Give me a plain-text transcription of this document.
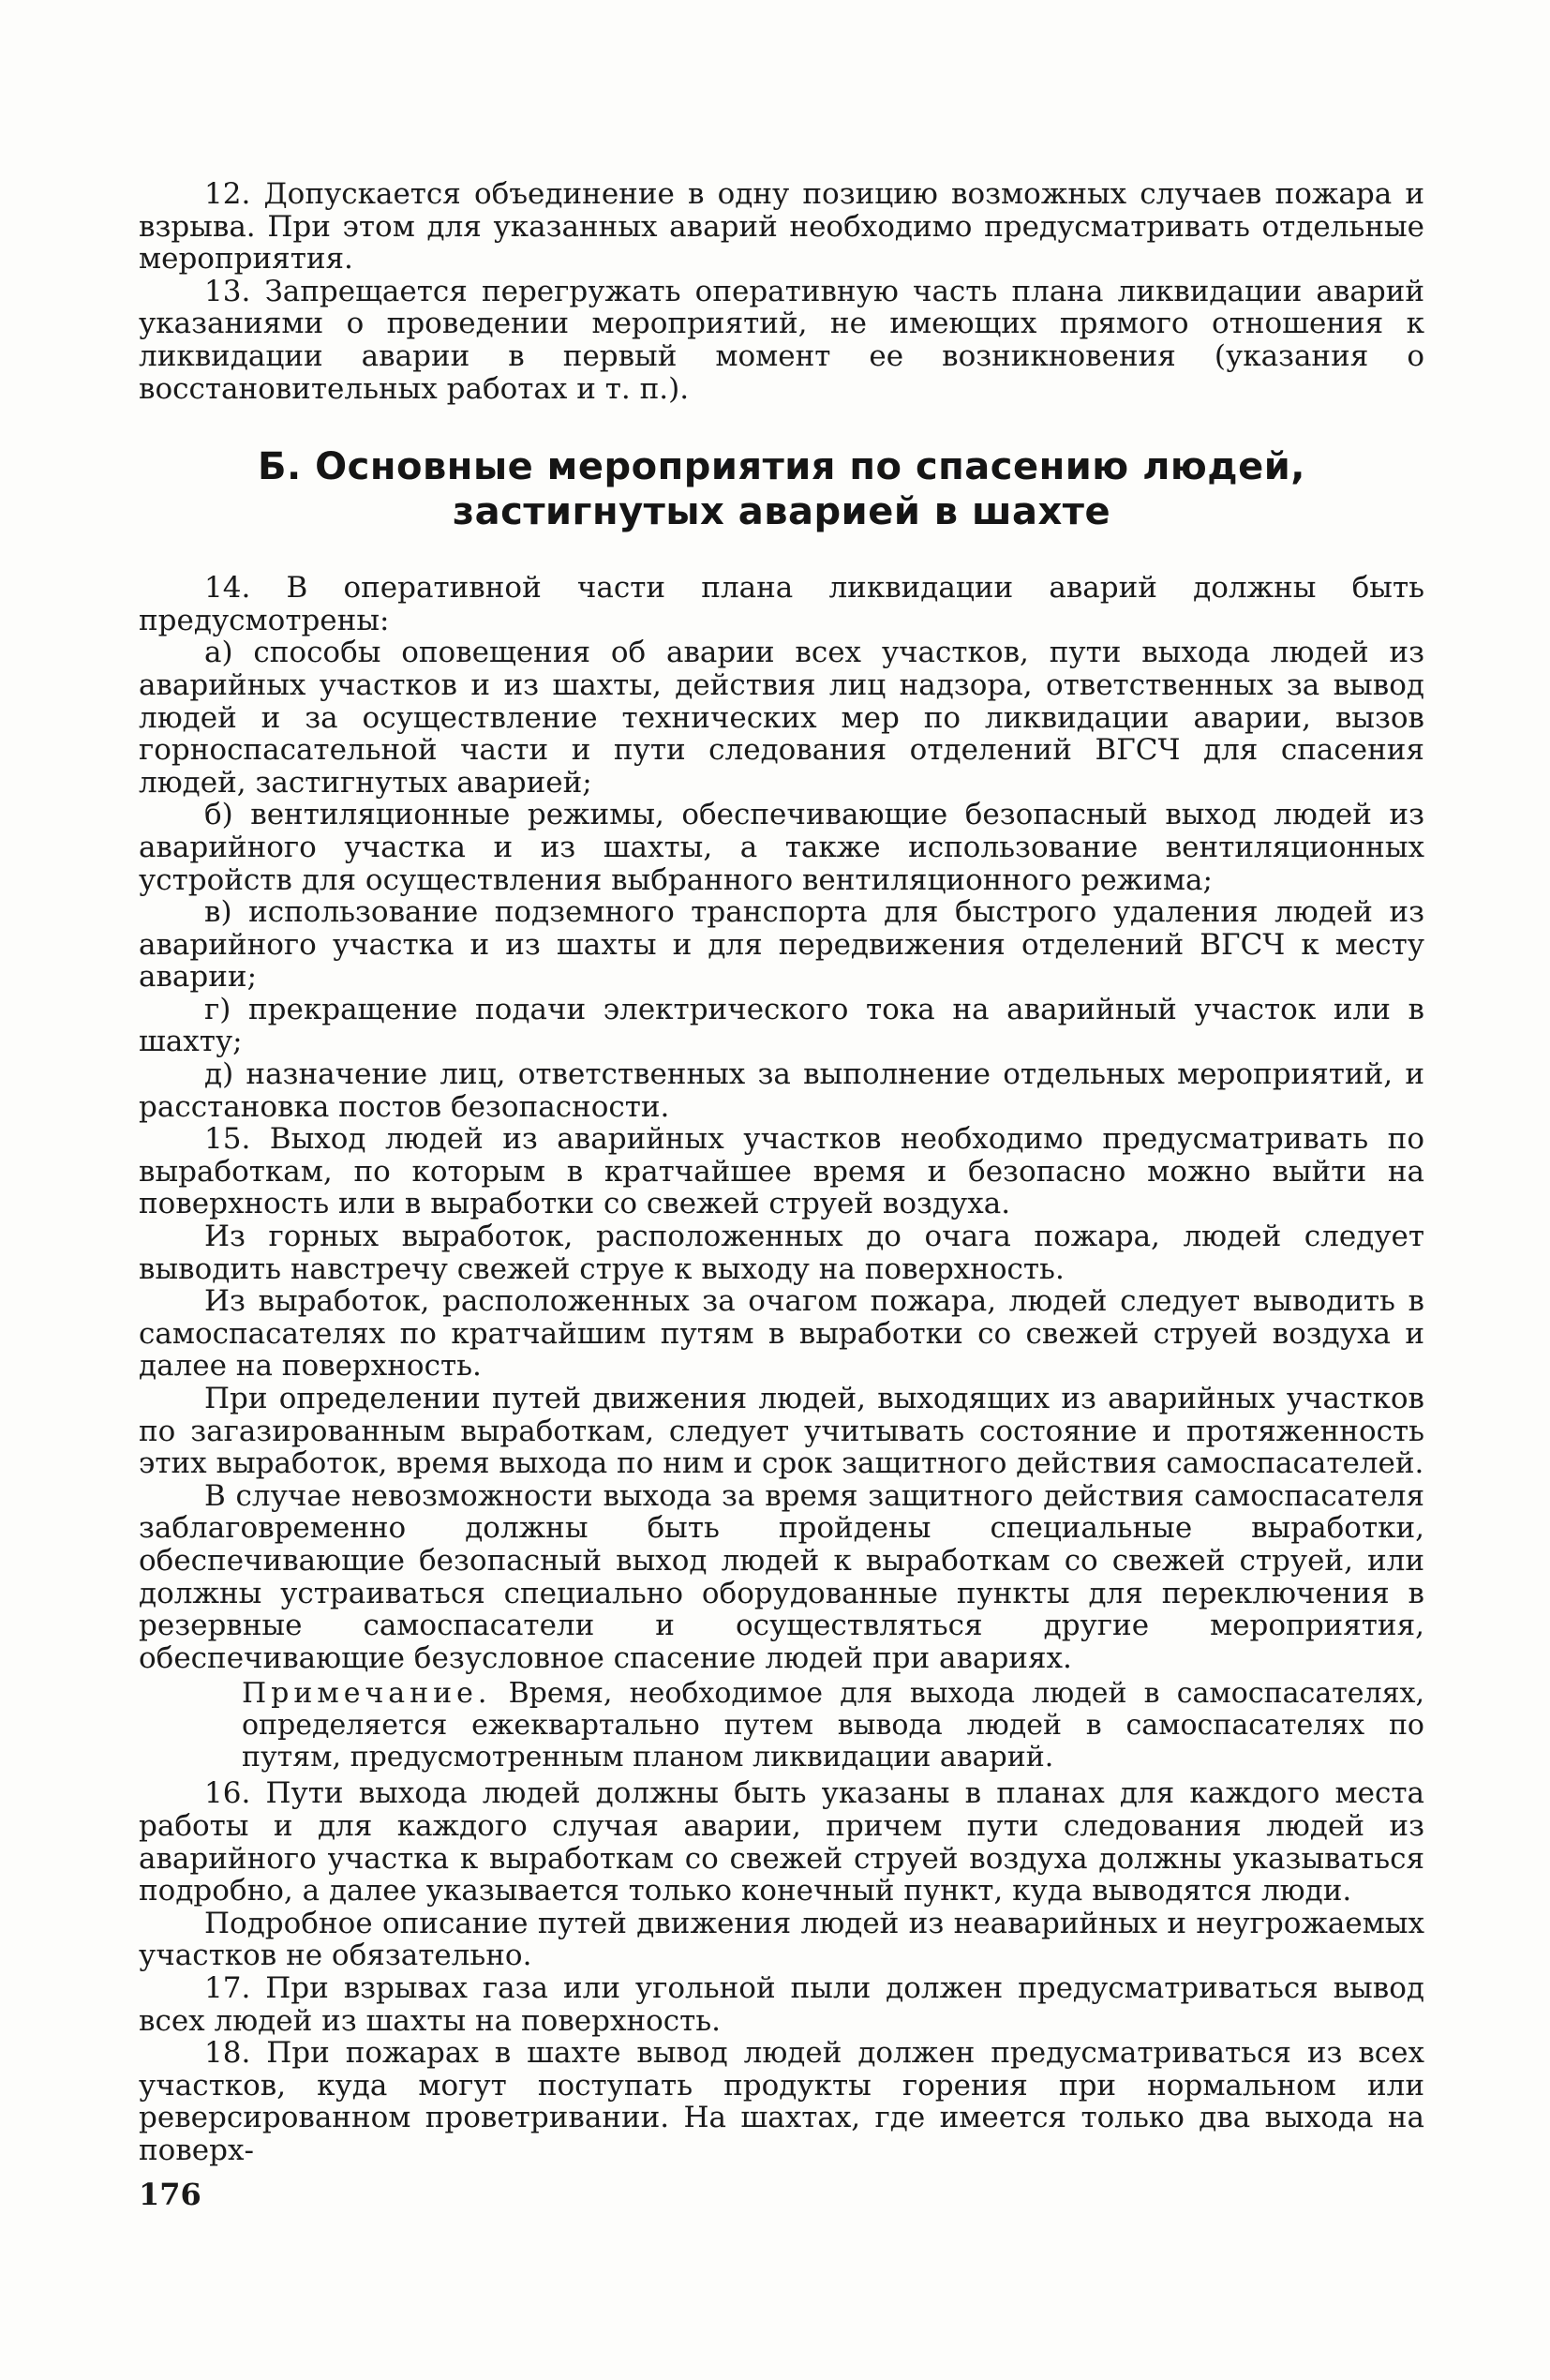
12. Допускается объединение в одну позицию возможных случаев пожара и взрыва. При этом для указанных аварий необходимо предусматривать отдельные мероприятия.

13. Запрещается перегружать оперативную часть плана ликвидации аварий указаниями о проведении мероприятий, не имеющих прямого отношения к ликвидации аварии в первый момент ее возникновения (указания о восстановительных работах и т. п.).

Б. Основные мероприятия по спасению людей,
застигнутых аварией в шахте

14. В оперативной части плана ликвидации аварий должны быть предусмотрены:

а) способы оповещения об аварии всех участков, пути выхода людей из аварийных участков и из шахты, действия лиц надзора, ответственных за вывод людей и за осуществление технических мер по ликвидации аварии, вызов горноспасательной части и пути следования отделений ВГСЧ для спасения людей, застигнутых аварией;

б) вентиляционные режимы, обеспечивающие безопасный выход людей из аварийного участка и из шахты, а также использование вентиляционных устройств для осуществления выбранного вентиляционного режима;

в) использование подземного транспорта для быстрого удаления людей из аварийного участка и из шахты и для передвижения отделений ВГСЧ к месту аварии;

г) прекращение подачи электрического тока на аварийный участок или в шахту;

д) назначение лиц, ответственных за выполнение отдельных мероприятий, и расстановка постов безопасности.

15. Выход людей из аварийных участков необходимо предусматривать по выработкам, по которым в кратчайшее время и безопасно можно выйти на поверхность или в выработки со свежей струей воздуха.

Из горных выработок, расположенных до очага пожара, людей следует выводить навстречу свежей струе к выходу на поверхность.

Из выработок, расположенных за очагом пожара, людей следует выводить в самоспасателях по кратчайшим путям в выработки со свежей струей воздуха и далее на поверхность.

При определении путей движения людей, выходящих из аварийных участков по загазированным выработкам, следует учитывать состояние и протяженность этих выработок, время выхода по ним и срок защитного действия самоспасателей.

В случае невозможности выхода за время защитного действия самоспасателя заблаговременно должны быть пройдены специальные выработки, обеспечивающие безопасный выход людей к выработкам со свежей струей, или должны устраиваться специально оборудованные пункты для переключения в резервные самоспасатели и осуществляться другие мероприятия, обеспечивающие безусловное спасение людей при авариях.

Примечание. Время, необходимое для выхода людей в самоспасателях, определяется ежеквартально путем вывода людей в самоспасателях по путям, предусмотренным планом ликвидации аварий.

16. Пути выхода людей должны быть указаны в планах для каждого места работы и для каждого случая аварии, причем пути следования людей из аварийного участка к выработкам со свежей струей воздуха должны указываться подробно, а далее указывается только конечный пункт, куда выводятся люди.

Подробное описание путей движения людей из неаварийных и неугрожаемых участков не обязательно.

17. При взрывах газа или угольной пыли должен предусматриваться вывод всех людей из шахты на поверхность.

18. При пожарах в шахте вывод людей должен предусматриваться из всех участков, куда могут поступать продукты горения при нормальном или реверсированном проветривании. На шахтах, где имеется только два выхода на поверх-

176
